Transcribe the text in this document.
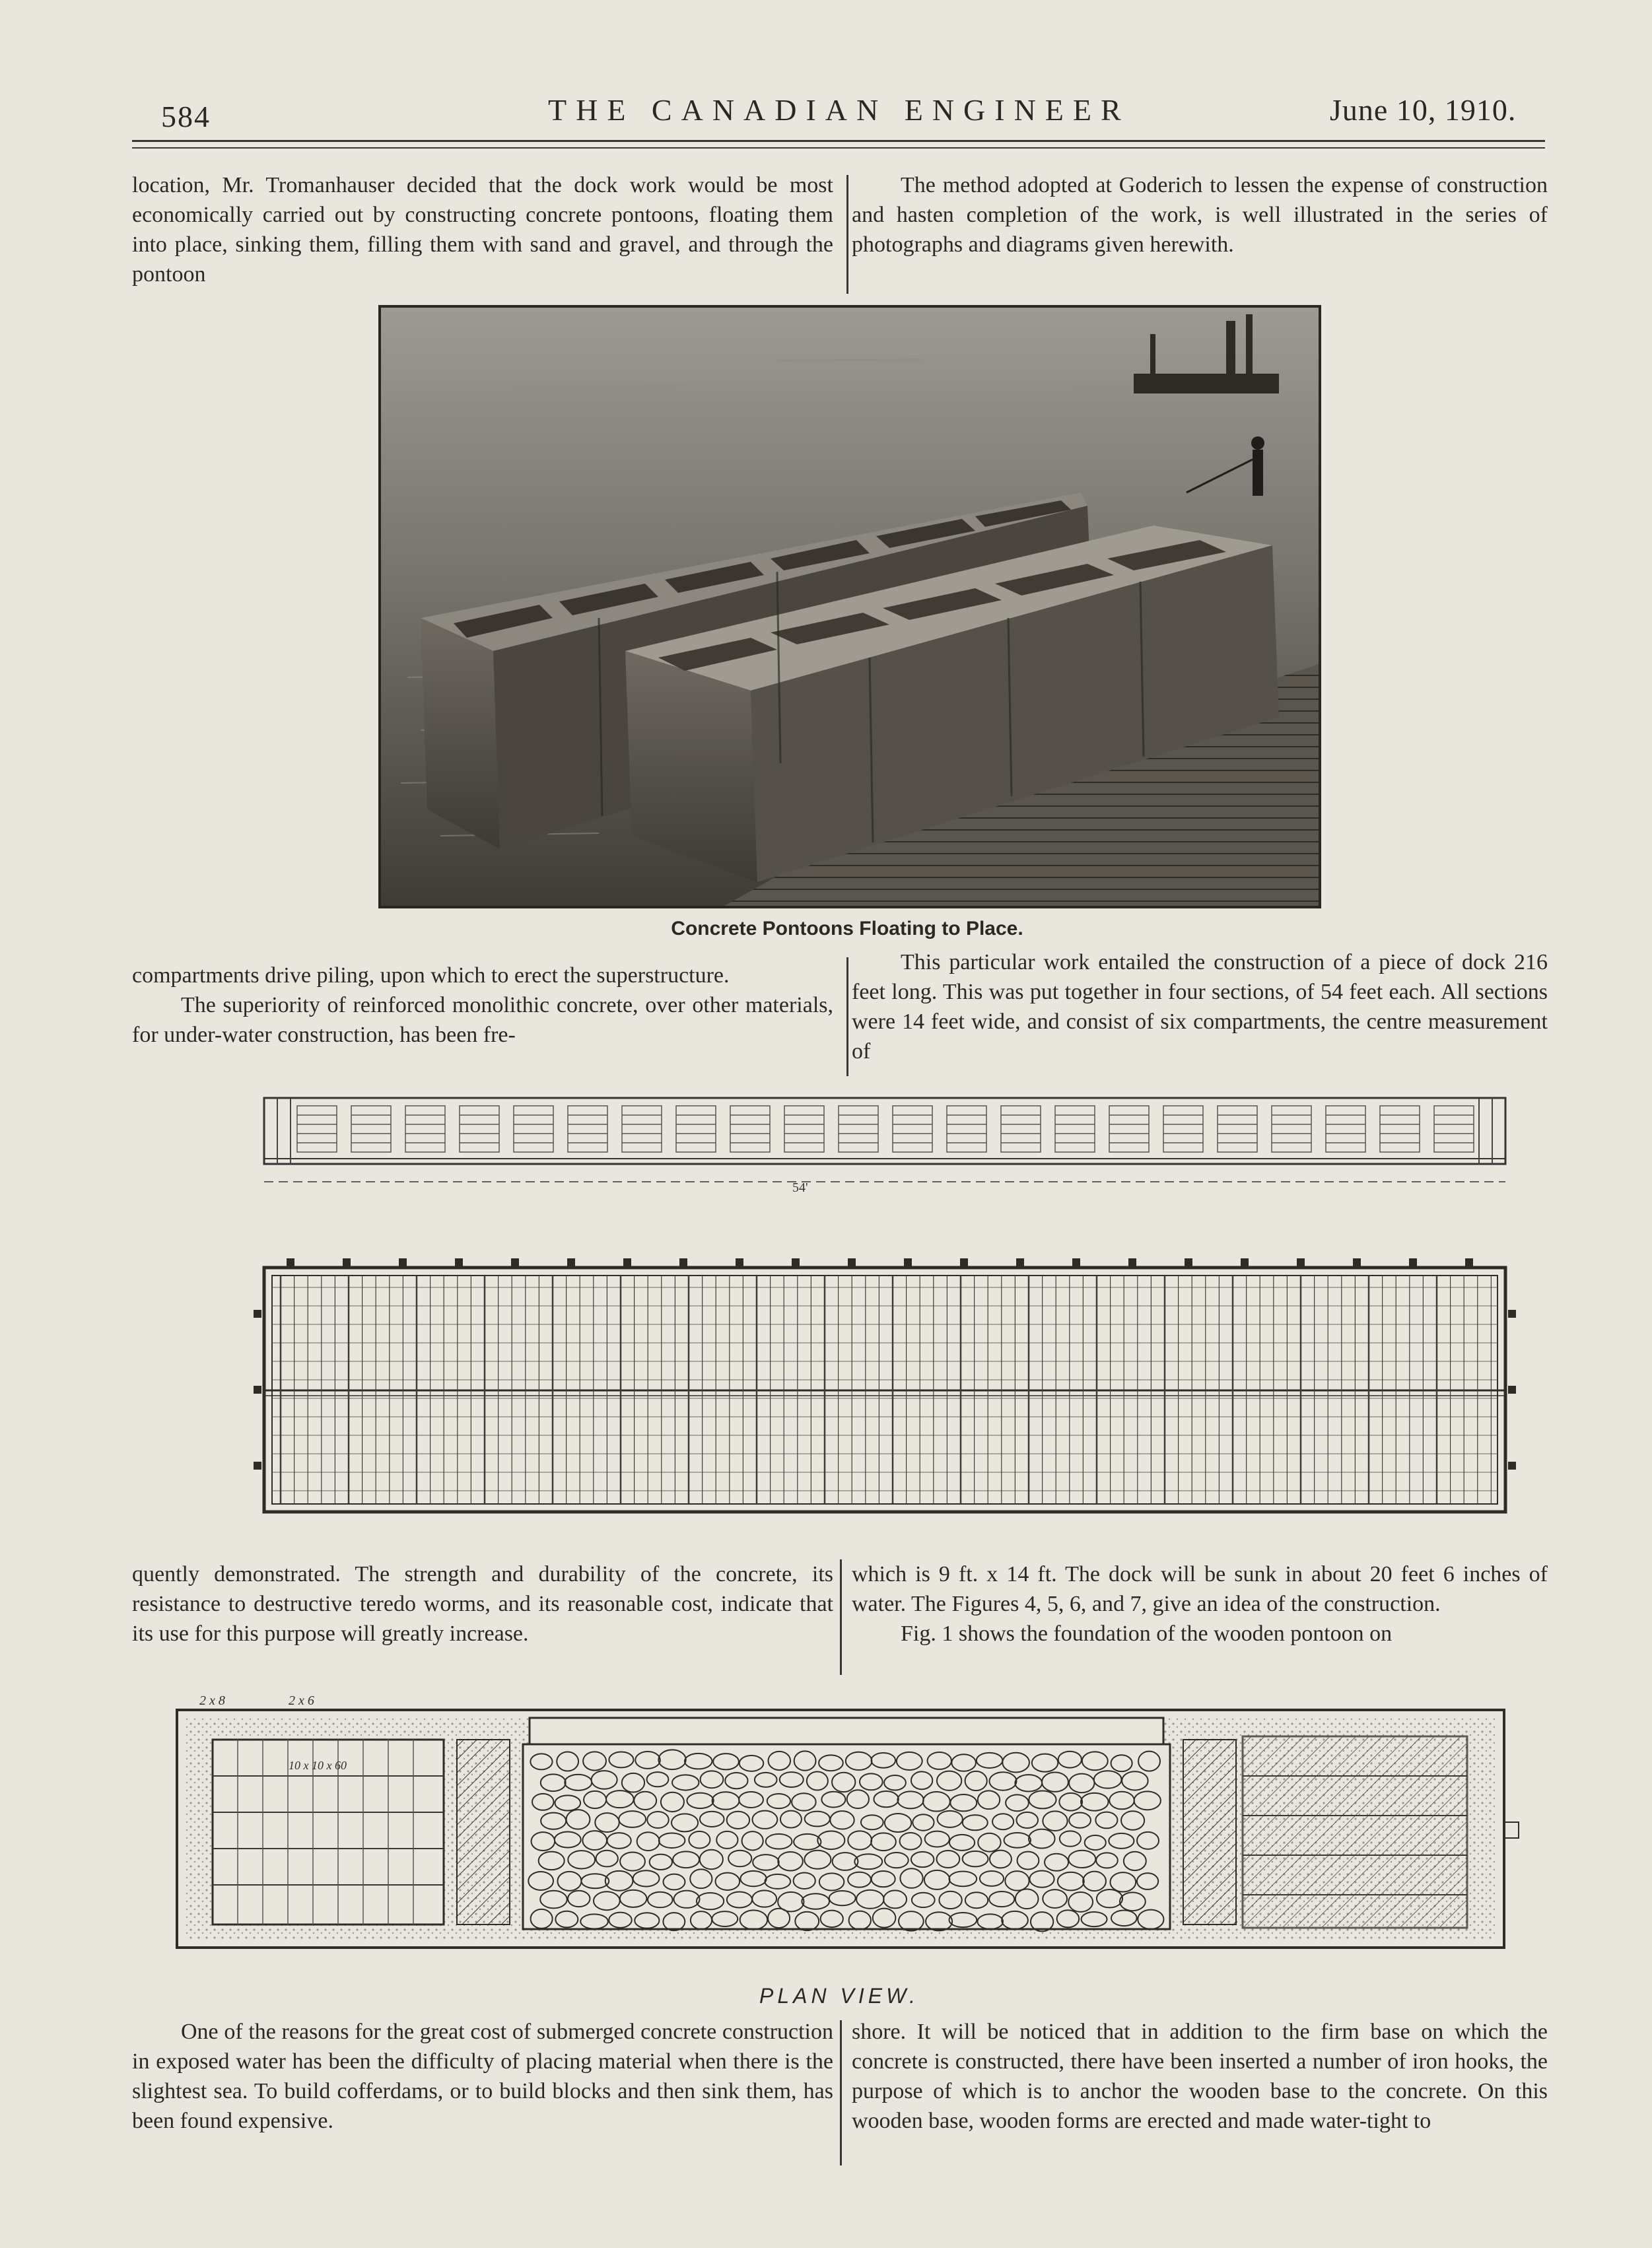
584	THE CANADIAN ENGINEER	June 10, 1910.

location, Mr. Tromanhauser decided that the dock work would be most economically carried out by constructing concrete pontoons, floating them into place, sinking them, filling them with sand and gravel, and through the pontoon

The method adopted at Goderich to lessen the expense of construction and hasten completion of the work, is well illustrated in the series of photographs and diagrams given herewith.

Concrete Pontoons Floating to Place.

compartments drive piling, upon which to erect the superstructure.

The superiority of reinforced monolithic concrete, over other materials, for under-water construction, has been fre-

This particular work entailed the construction of a piece of dock 216 feet long. This was put together in four sections, of 54 feet each. All sections were 14 feet wide, and consist of six compartments, the centre measurement of

54'

quently demonstrated. The strength and durability of the concrete, its resistance to destructive teredo worms, and its reasonable cost, indicate that its use for this purpose will greatly increase.

which is 9 ft. x 14 ft. The dock will be sunk in about 20 feet 6 inches of water. The Figures 4, 5, 6, and 7, give an idea of the construction.

Fig. 1 shows the foundation of the wooden pontoon on

2 x 8	2 x 6
10 x 10 x 60
PLAN VIEW.

One of the reasons for the great cost of submerged concrete construction in exposed water has been the difficulty of placing material when there is the slightest sea. To build cofferdams, or to build blocks and then sink them, has been found expensive.

shore. It will be noticed that in addition to the firm base on which the concrete is constructed, there have been inserted a number of iron hooks, the purpose of which is to anchor the wooden base to the concrete. On this wooden base, wooden forms are erected and made water-tight to
